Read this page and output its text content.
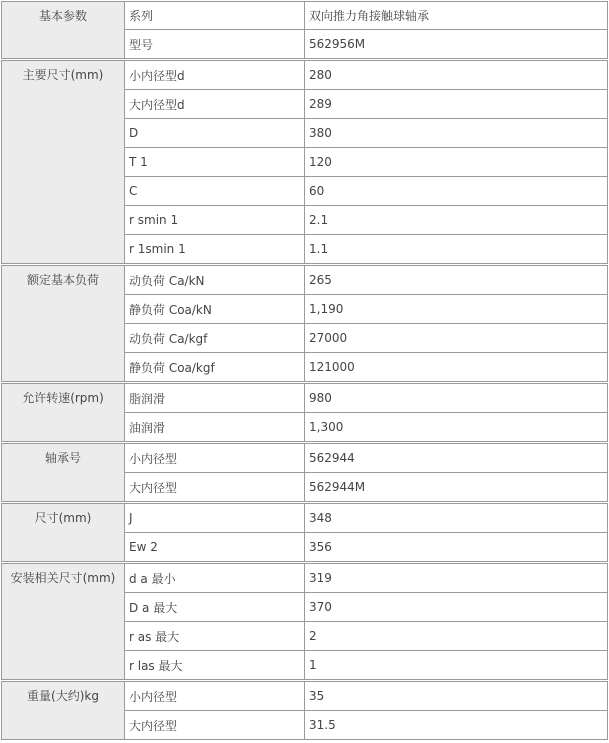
基本参数	系列	双向推力角接触球轴承
	型号	562956M
主要尺寸(mm)	小内径型d	280
	大内径型d	289
	D	380
	T 1	120
	C	60
	r smin 1	2.1
	r 1smin 1	1.1
额定基本负荷	动负荷 Ca/kN	265
	静负荷 Coa/kN	1,190
	动负荷 Ca/kgf	27000
	静负荷 Coa/kgf	121000
允许转速(rpm)	脂润滑	980
	油润滑	1,300
轴承号	小内径型	562944
	大内径型	562944M
尺寸(mm)	J	348
	Ew 2	356
安装相关尺寸(mm)	d a 最小	319
	D a 最大	370
	r as 最大	2
	r las 最大	1
重量(大约)kg	小内径型	35
	大内径型	31.5
